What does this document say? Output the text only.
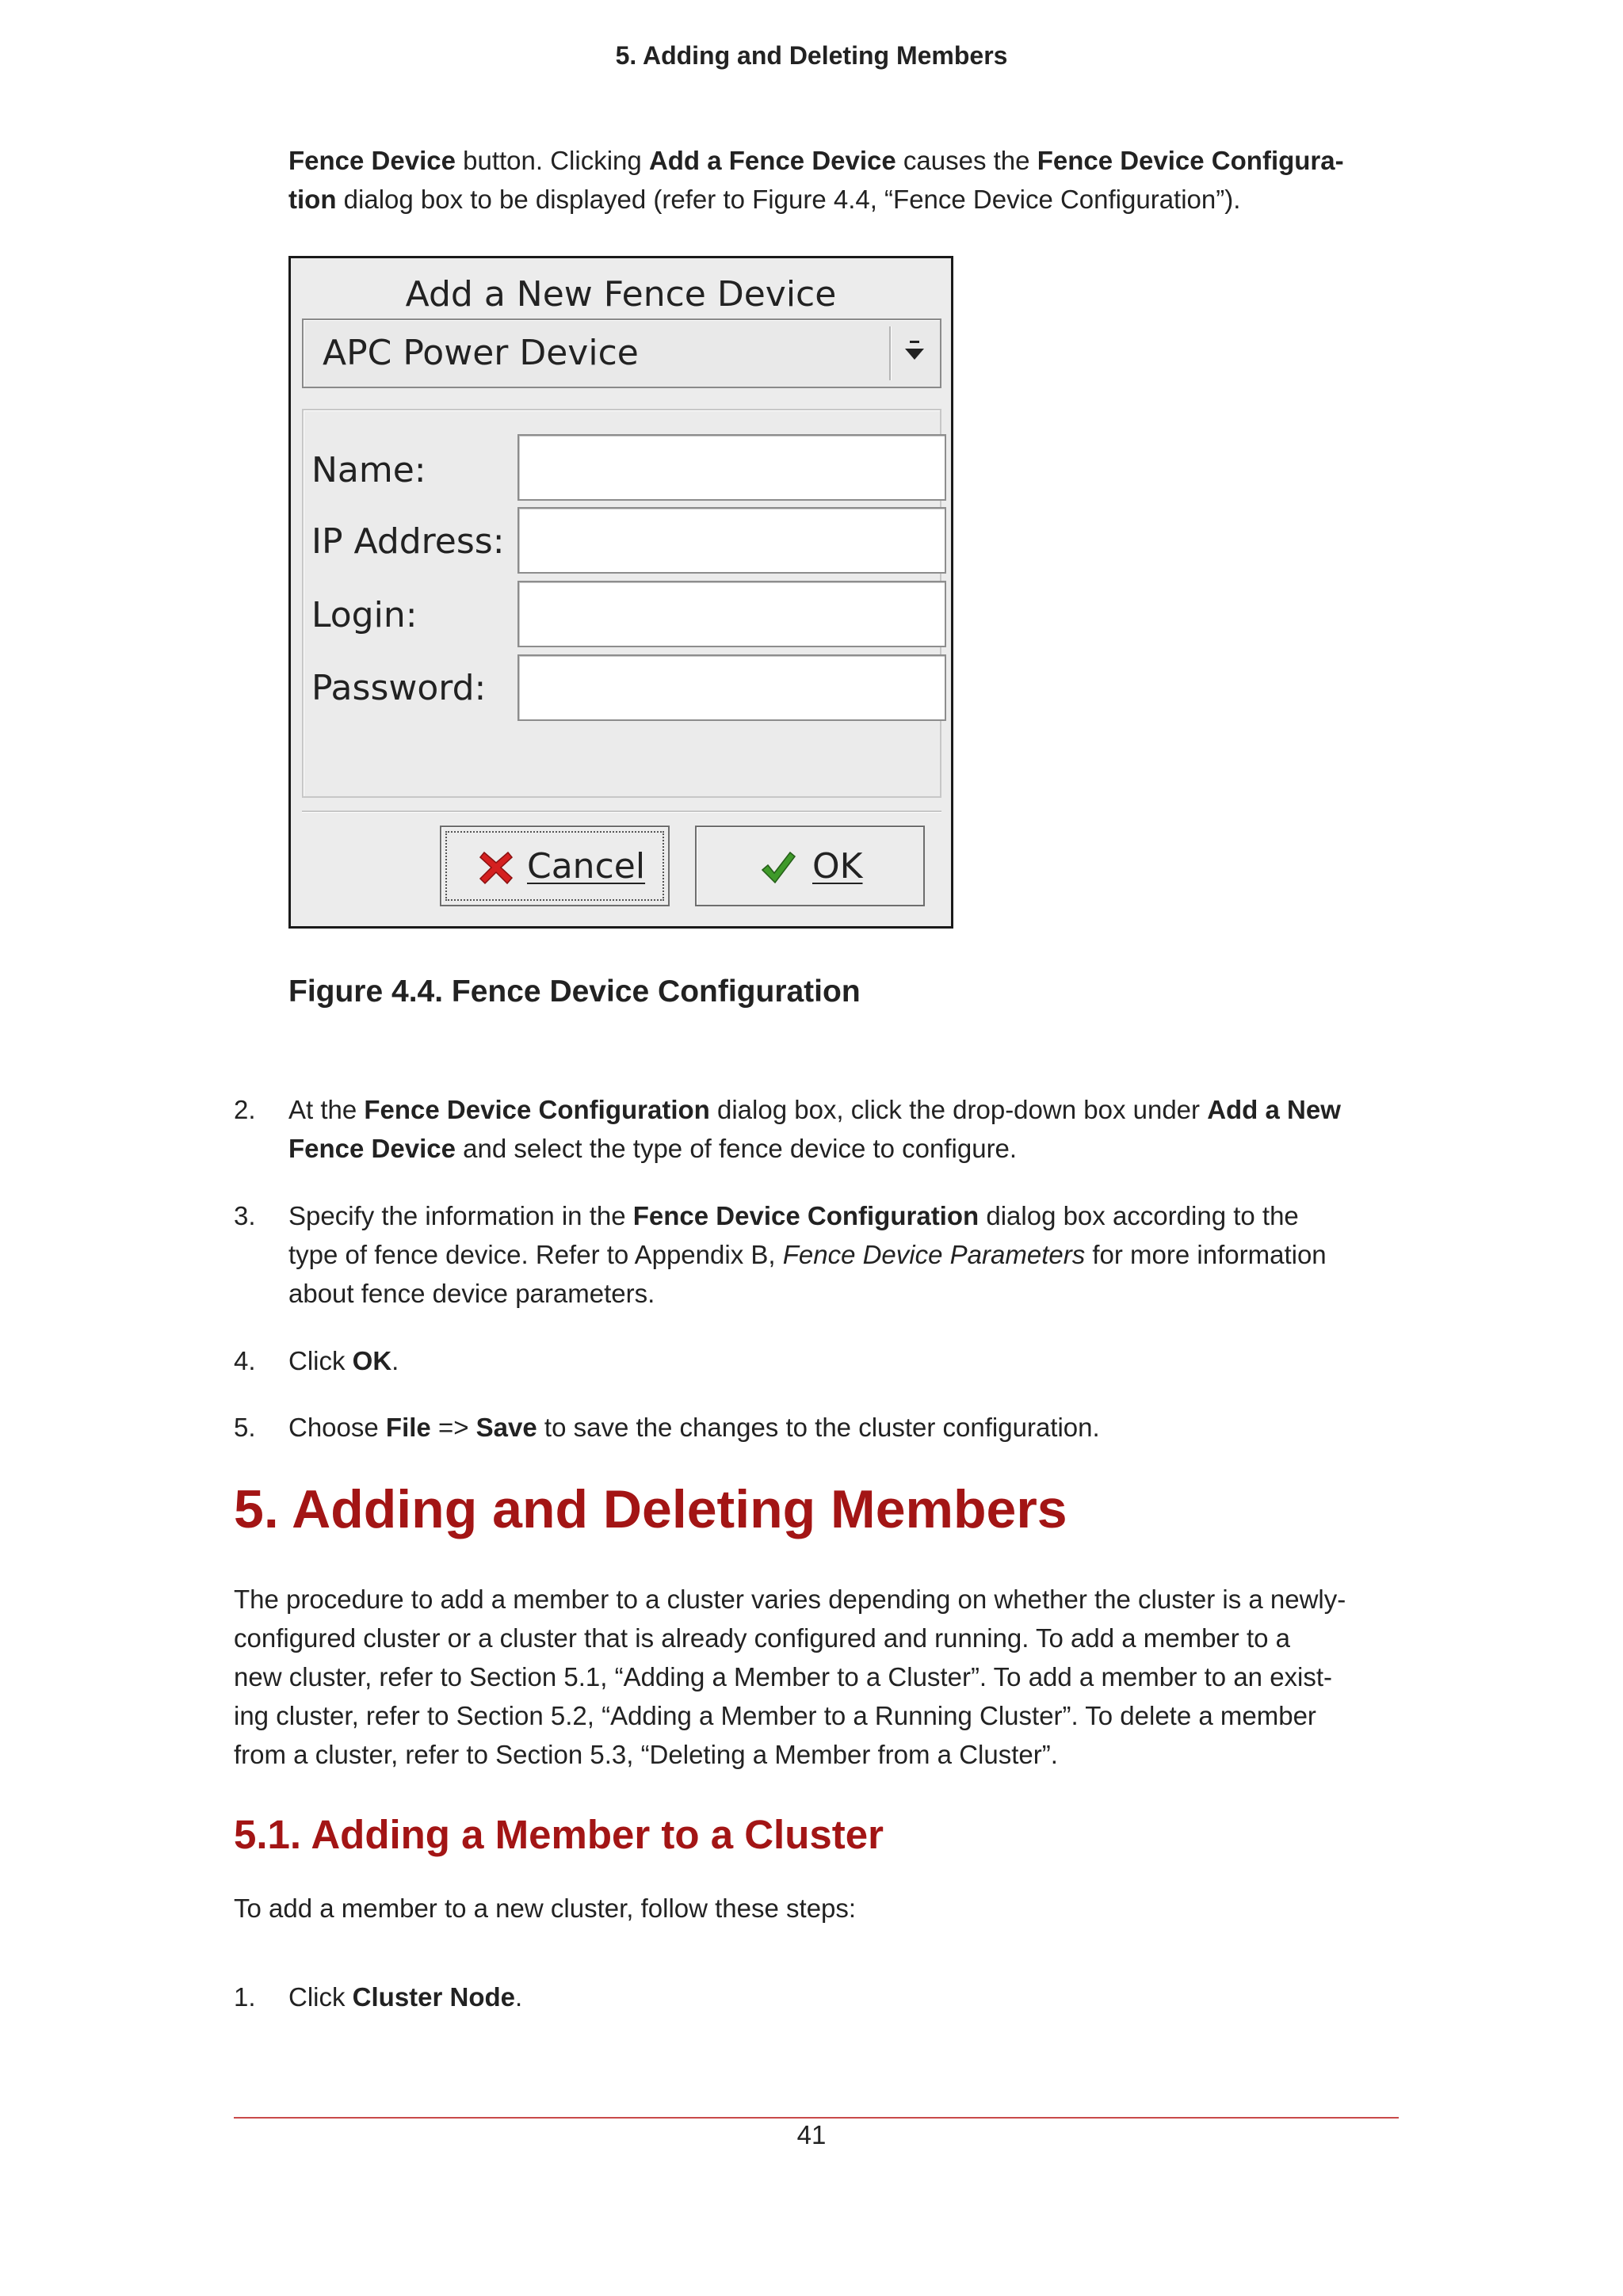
5. Adding and Deleting Members

Fence Device button. Clicking Add a Fence Device causes the Fence Device Configura-
tion dialog box to be displayed (refer to Figure 4.4, “Fence Device Configuration”).

Add a New Fence Device
APC Power Device
Name:
IP Address:
Login:
Password:
Cancel	OK
Figure 4.4. Fence Device Configuration
2. At the Fence Device Configuration dialog box, click the drop-down box under Add a New
Fence Device and select the type of fence device to configure.

3. Specify the information in the Fence Device Configuration dialog box according to the
type of fence device. Refer to Appendix B, Fence Device Parameters for more information
about fence device parameters.

4. Click OK.

5. Choose File => Save to save the changes to the cluster configuration.

5. Adding and Deleting Members

The procedure to add a member to a cluster varies depending on whether the cluster is a newly-
configured cluster or a cluster that is already configured and running. To add a member to a
new cluster, refer to Section 5.1, “Adding a Member to a Cluster”. To add a member to an exist-
ing cluster, refer to Section 5.2, “Adding a Member to a Running Cluster”. To delete a member
from a cluster, refer to Section 5.3, “Deleting a Member from a Cluster”.

5.1. Adding a Member to a Cluster

To add a member to a new cluster, follow these steps:

1. Click Cluster Node.

41
